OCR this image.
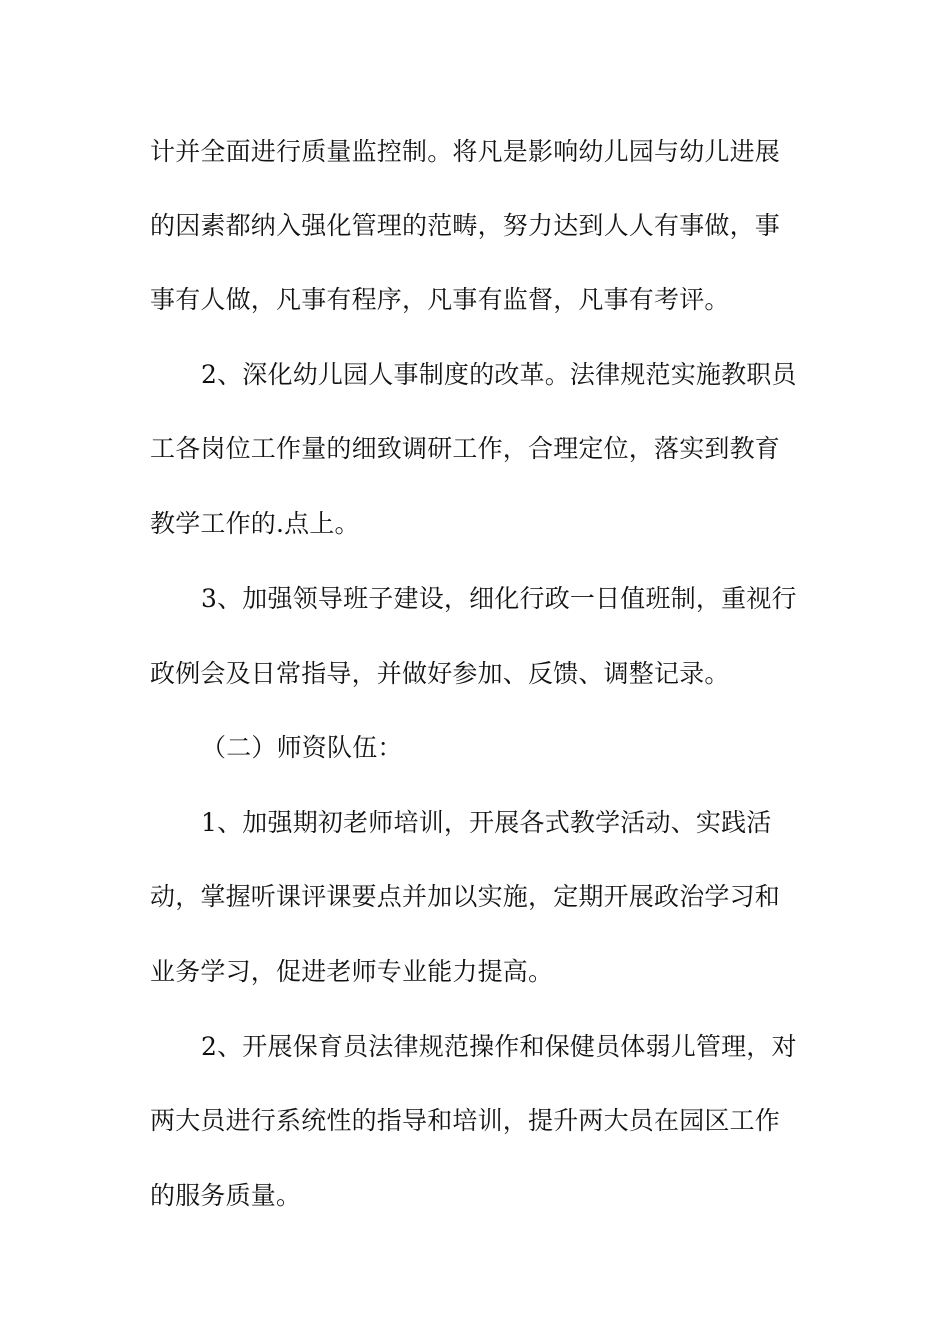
计并全面进行质量监控制。将凡是影响幼儿园与幼儿进展
的因素都纳入强化管理的范畴，努力达到人人有事做，事
事有人做，凡事有程序，凡事有监督，凡事有考评。
2、深化幼儿园人事制度的改革。法律规范实施教职员
工各岗位工作量的细致调研工作，合理定位，落实到教育
教学工作的.点上。
3、加强领导班子建设，细化行政一日值班制，重视行
政例会及日常指导，并做好参加、反馈、调整记录。
（二）师资队伍：
1、加强期初老师培训，开展各式教学活动、实践活
动，掌握听课评课要点并加以实施，定期开展政治学习和
业务学习，促进老师专业能力提高。
2、开展保育员法律规范操作和保健员体弱儿管理，对
两大员进行系统性的指导和培训，提升两大员在园区工作
的服务质量。
